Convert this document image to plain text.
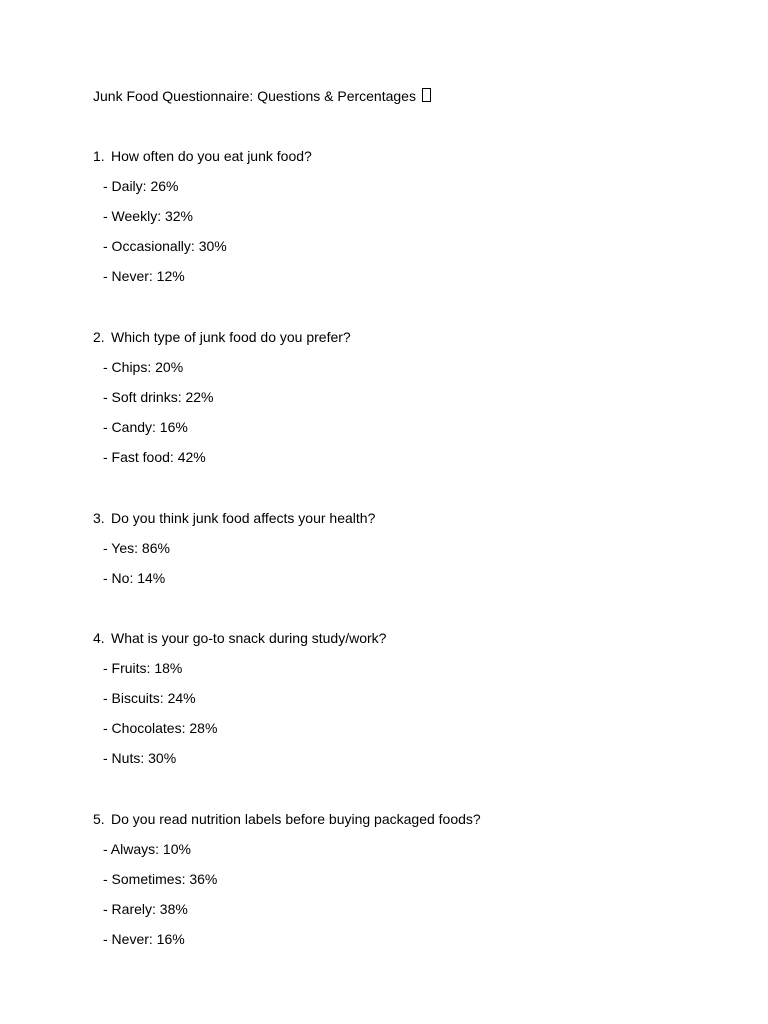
Junk Food Questionnaire: Questions & Percentages
1. How often do you eat junk food?
- Daily: 26%
- Weekly: 32%
- Occasionally: 30%
- Never: 12%
2. Which type of junk food do you prefer?
- Chips: 20%
- Soft drinks: 22%
- Candy: 16%
- Fast food: 42%
3. Do you think junk food affects your health?
- Yes: 86%
- No: 14%
4. What is your go-to snack during study/work?
- Fruits: 18%
- Biscuits: 24%
- Chocolates: 28%
- Nuts: 30%
5. Do you read nutrition labels before buying packaged foods?
- Always: 10%
- Sometimes: 36%
- Rarely: 38%
- Never: 16%
